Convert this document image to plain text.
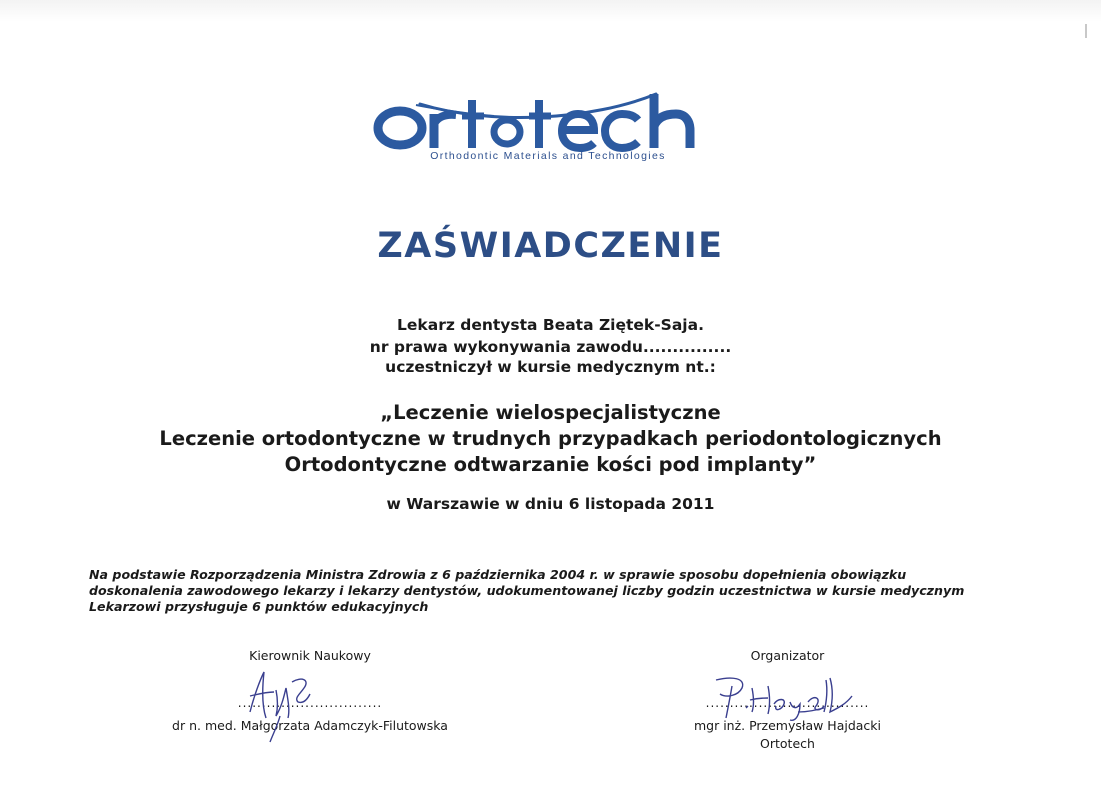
Orthodontic Materials and Technologies
ZAŚWIADCZENIE
Lekarz dentysta Beata Ziętek-Saja.
nr prawa wykonywania zawodu...............
uczestniczył w kursie medycznym nt.:
„Leczenie wielospecjalistyczne
Leczenie ortodontyczne w trudnych przypadkach periodontologicznych
Ortodontyczne odtwarzanie kości pod implanty”
w Warszawie w dniu 6 listopada 2011
Na podstawie Rozporządzenia Ministra Zdrowia z 6 października 2004 r. w sprawie sposobu dopełnienia obowiązku
doskonalenia zawodowego lekarzy i lekarzy dentystów, udokumentowanej liczby godzin uczestnictwa w kursie medycznym
Lekarzowi przysługuje 6 punktów edukacyjnych
Kierownik Naukowy
..............................
dr n. med. Małgorzata Adamczyk-Filutowska
Organizator
..................................
mgr inż. Przemysław Hajdacki
Ortotech
